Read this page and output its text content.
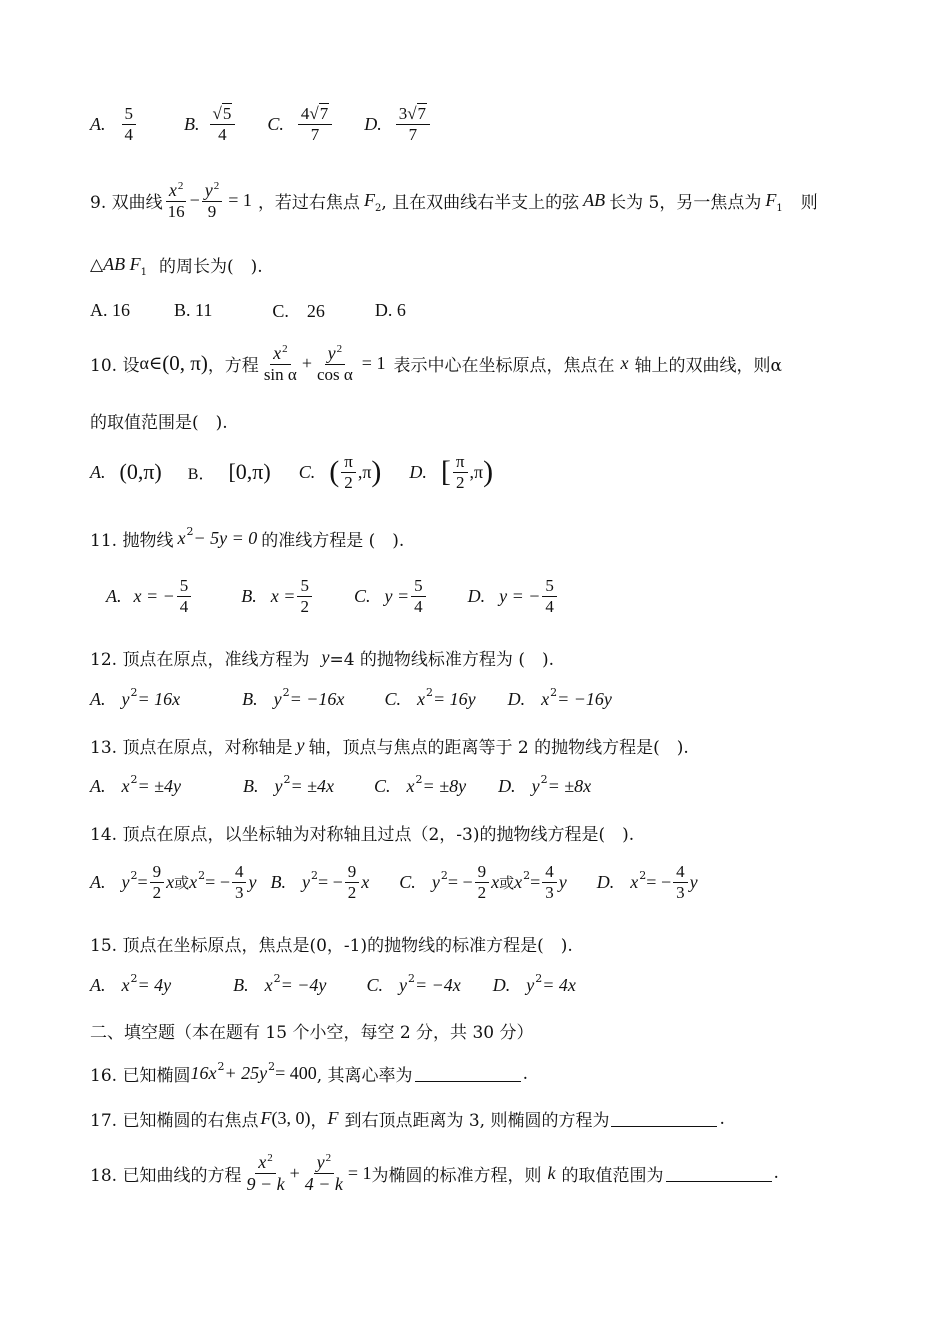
A.
5
4
B.
√5
4
C.
4√7
7
D.
3√7
7
9. 双曲线
$x^2$
16
− $\frac{y^2}{9} = 1$ ，若过右焦点 F 2 , 且在双曲线右半支上的弦 AB 长为 5，另一焦点为 F 1 则
△ AB F 1 的周长为(　).
A. 16 B. 11	C.　26	D. 6
10. 设 α ∈ (0, π) ，方程
$x^2$
sin α
+ $\frac{y^2}{\text{cos α}} = 1$ 表示中心在坐标原点，焦点在 x 轴上的双曲线，则α
的取值范围是(　).
A. (0,π) B． [0,π) C. ( π
2
,π ) D. [ π
2
,π )
11. 抛物线 x 2 − 5y = 0 的准线方程是 (　).
A. x = − $\frac{5}{4}$	B. $x = \frac{5}{2} C$. $y = \frac{5}{4} D$. y = − $\frac{5}{4}$
12. 顶点在原点，准线方程为 y =4 的抛物线标准方程为 (　).
A. y 2 = 16x	B. y 2 = −16x C. x 2 = 16y D. x 2 = −16y
13. 顶点在原点，对称轴是 y 轴，顶点与焦点的距离等于 2 的抛物线方程是(　).
A. x 2 = ±4y	B. y 2 = ±4x C. x 2 = ±8y D. y 2 = ±8x
14. 顶点在原点，以坐标轴为对称轴且过点（2，-3)的抛物线方程是(　).
A. y $2 = \frac{9}{2}$ x 或 x 2 = − $\frac{4}{3}$ y B. y 2 = − $\frac{9}{2}$ x C. y 2 = − $\frac{9}{2}$ x 或 x $2 = \frac{4}{3}$ y D. x 2 = − $\frac{4}{3}$ y
15. 顶点在坐标原点，焦点是(0，-1)的抛物线的标准方程是(　).
A. x 2 = 4y	B. x 2 = −4y C. y 2 = −4x D. y 2 = 4x
二、填空题（本在题有 15 个小空，每空 2 分，共 30 分）
16. 已知椭圆 16x 2 + 25y 2 = 400 , 其离心率为	.
17. 已知椭圆的右焦点 F (3, 0) ， F 到右顶点距离为 3, 则椭圆的方程为	.
18. 已知曲线的方程
$x^2$
9 − k
+ $\frac{y^2}{4 - k} = 1$ 为椭圆的标准方程，则 k 的取值范围为	.
